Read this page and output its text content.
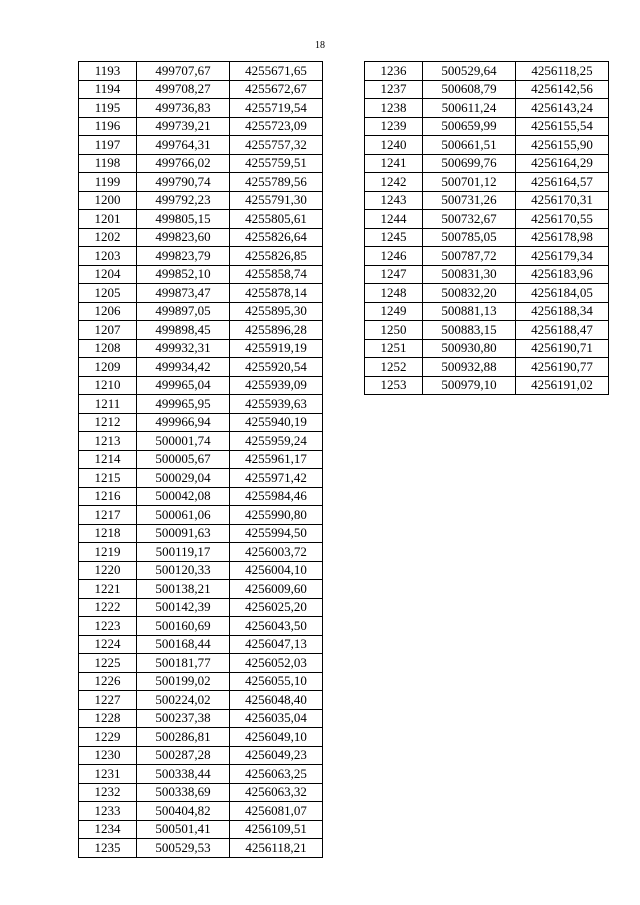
18
1193	499707,67	4255671,65
1194	499708,27	4255672,67
1195	499736,83	4255719,54
1196	499739,21	4255723,09
1197	499764,31	4255757,32
1198	499766,02	4255759,51
1199	499790,74	4255789,56
1200	499792,23	4255791,30
1201	499805,15	4255805,61
1202	499823,60	4255826,64
1203	499823,79	4255826,85
1204	499852,10	4255858,74
1205	499873,47	4255878,14
1206	499897,05	4255895,30
1207	499898,45	4255896,28
1208	499932,31	4255919,19
1209	499934,42	4255920,54
1210	499965,04	4255939,09
1211	499965,95	4255939,63
1212	499966,94	4255940,19
1213	500001,74	4255959,24
1214	500005,67	4255961,17
1215	500029,04	4255971,42
1216	500042,08	4255984,46
1217	500061,06	4255990,80
1218	500091,63	4255994,50
1219	500119,17	4256003,72
1220	500120,33	4256004,10
1221	500138,21	4256009,60
1222	500142,39	4256025,20
1223	500160,69	4256043,50
1224	500168,44	4256047,13
1225	500181,77	4256052,03
1226	500199,02	4256055,10
1227	500224,02	4256048,40
1228	500237,38	4256035,04
1229	500286,81	4256049,10
1230	500287,28	4256049,23
1231	500338,44	4256063,25
1232	500338,69	4256063,32
1233	500404,82	4256081,07
1234	500501,41	4256109,51
1235	500529,53	4256118,21
1236	500529,64	4256118,25
1237	500608,79	4256142,56
1238	500611,24	4256143,24
1239	500659,99	4256155,54
1240	500661,51	4256155,90
1241	500699,76	4256164,29
1242	500701,12	4256164,57
1243	500731,26	4256170,31
1244	500732,67	4256170,55
1245	500785,05	4256178,98
1246	500787,72	4256179,34
1247	500831,30	4256183,96
1248	500832,20	4256184,05
1249	500881,13	4256188,34
1250	500883,15	4256188,47
1251	500930,80	4256190,71
1252	500932,88	4256190,77
1253	500979,10	4256191,02
